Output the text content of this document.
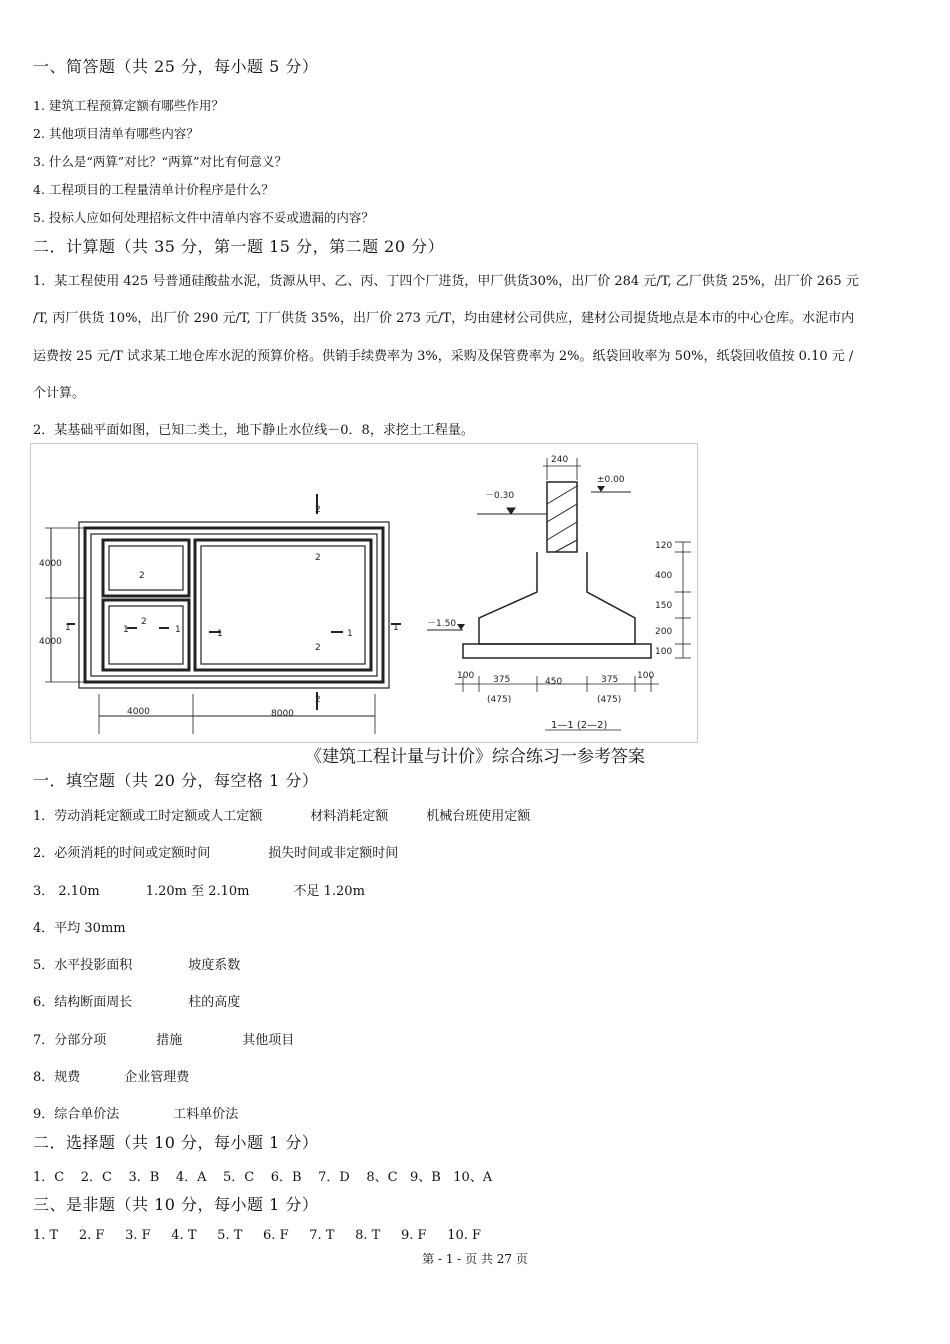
一、简答题（共 25 分，每小题 5 分）
1. 建筑工程预算定额有哪些作用？
2. 其他项目清单有哪些内容？
3. 什么是“两算”对比？“两算”对比有何意义？
4. 工程项目的工程量清单计价程序是什么？
5. 投标人应如何处理招标文件中清单内容不妥或遗漏的内容？
二．计算题（共 35 分，第一题 15 分，第二题 20 分）
1．某工程使用 425 号普通硅酸盐水泥，货源从甲、乙、丙、丁四个厂进货，甲厂供货30%，出厂价 284 元/T, 乙厂供货 25%，出厂价 265 元
/T, 丙厂供货 10%，出厂价 290 元/T, 丁厂供货 35%，出厂价 273 元/T，均由建材公司供应，建材公司提货地点是本市的中心仓库。水泥市内
运费按 25 元/T 试求某工地仓库水泥的预算价格。供销手续费率为 3%，采购及保管费率为 2%。纸袋回收率为 50%，纸袋回收值按 0.10 元 /
个计算。
2．某基础平面如图，已知二类土，地下静止水位线－0．8，求挖土工程量。
4000
4000
4000	8000
2
2
2
2
2
2
1	1
1	1	1	1
240
±0.00
－0.30
－1.50
120
400
150
200
100
100 375	450	375 100
(475)	(475)
1—1 (2—2)
《建筑工程计量与计价》综合练习一参考答案
一．填空题（共 20 分，每空格 1 分）
1．劳动消耗定额或工时定额或人工定额	材料消耗定额	机械台班使用定额
2．必须消耗的时间或定额时间	损失时间或非定额时间
3． 2.10m	1.20m 至 2.10m	不足 1.20m
4．平均 30mm
5．水平投影面积	坡度系数
6．结构断面周长	柱的高度
7．分部分项	措施	其他项目
8．规费	企业管理费
9．综合单价法	工料单价法
二．选择题（共 10 分，每小题 1 分）
1．C    2．C    3．B    4．A    5．C    6．B    7．D    8、C   9、B   10、A
三、是非题（共 10 分，每小题 1 分）
1. T     2. F     3. F     4. T     5. T     6. F     7. T     8. T     9. F     10. F
第 - 1 - 页 共 27 页
